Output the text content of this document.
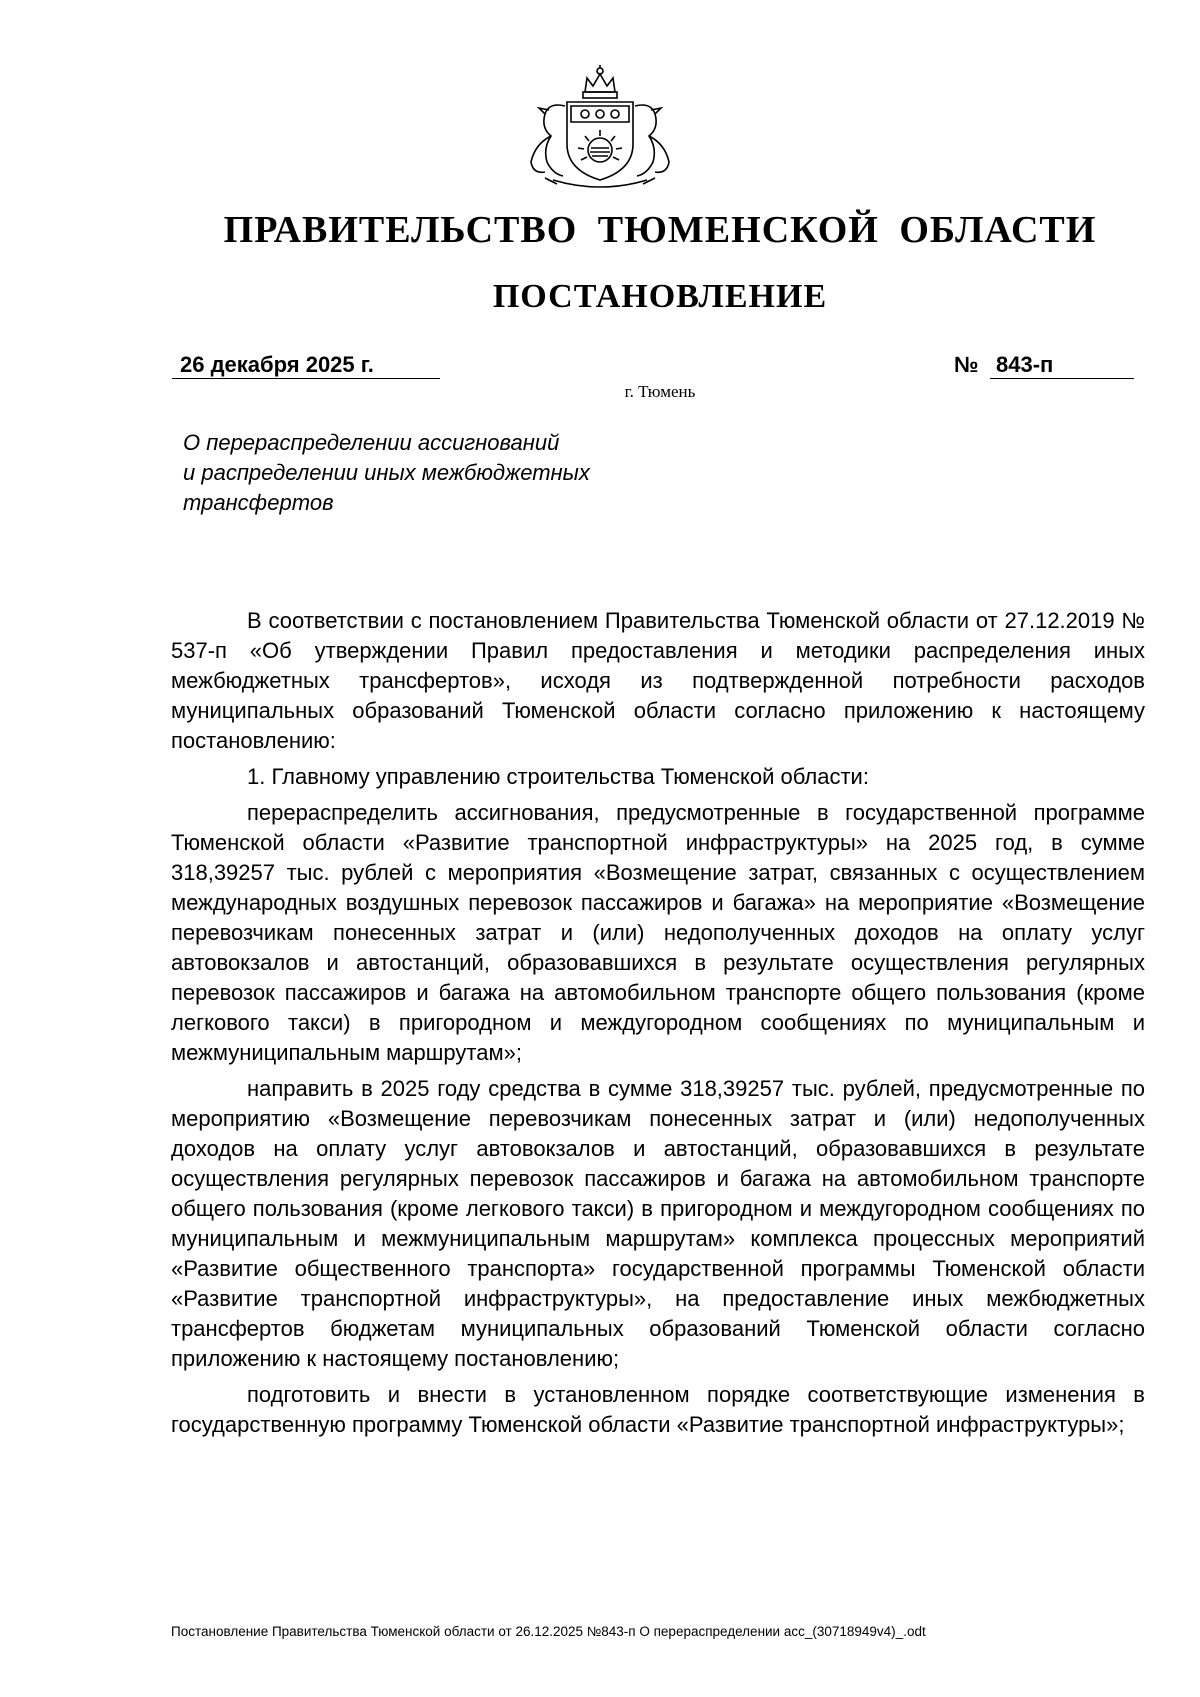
ПРАВИТЕЛЬСТВО ТЮМЕНСКОЙ ОБЛАСТИ
ПОСТАНОВЛЕНИЕ
26 декабря 2025 г.	№ 843-п
г. Тюмень
О перераспределении ассигнований
и распределении иных межбюджетных
трансфертов

В соответствии с постановлением Правительства Тюменской области от 27.12.2019 № 537-п «Об утверждении Правил предоставления и методики распределения иных межбюджетных трансфертов», исходя из подтвержденной потребности расходов муниципальных образований Тюменской области согласно приложению к настоящему постановлению:

1. Главному управлению строительства Тюменской области:

перераспределить ассигнования, предусмотренные в государственной программе Тюменской области «Развитие транспортной инфраструктуры» на 2025 год, в сумме 318,39257 тыс. рублей с мероприятия «Возмещение затрат, связанных с осуществлением международных воздушных перевозок пассажиров и багажа» на мероприятие «Возмещение перевозчикам понесенных затрат и (или) недополученных доходов на оплату услуг автовокзалов и автостанций, образовавшихся в результате осуществления регулярных перевозок пассажиров и багажа на автомобильном транспорте общего пользования (кроме легкового такси) в пригородном и междугородном сообщениях по муниципальным и межмуниципальным маршрутам»;

направить в 2025 году средства в сумме 318,39257 тыс. рублей, предусмотренные по мероприятию «Возмещение перевозчикам понесенных затрат и (или) недополученных доходов на оплату услуг автовокзалов и автостанций, образовавшихся в результате осуществления регулярных перевозок пассажиров и багажа на автомобильном транспорте общего пользования (кроме легкового такси) в пригородном и междугородном сообщениях по муниципальным и межмуниципальным маршрутам» комплекса процессных мероприятий «Развитие общественного транспорта» государственной программы Тюменской области «Развитие транспортной инфраструктуры», на предоставление иных межбюджетных трансфертов бюджетам муниципальных образований Тюменской области согласно приложению к настоящему постановлению;

подготовить и внести в установленном порядке соответствующие изменения в государственную программу Тюменской области «Развитие транспортной инфраструктуры»;

Постановление Правительства Тюменской области от 26.12.2025 №843-п О перераспределении асс_(30718949v4)_.odt
